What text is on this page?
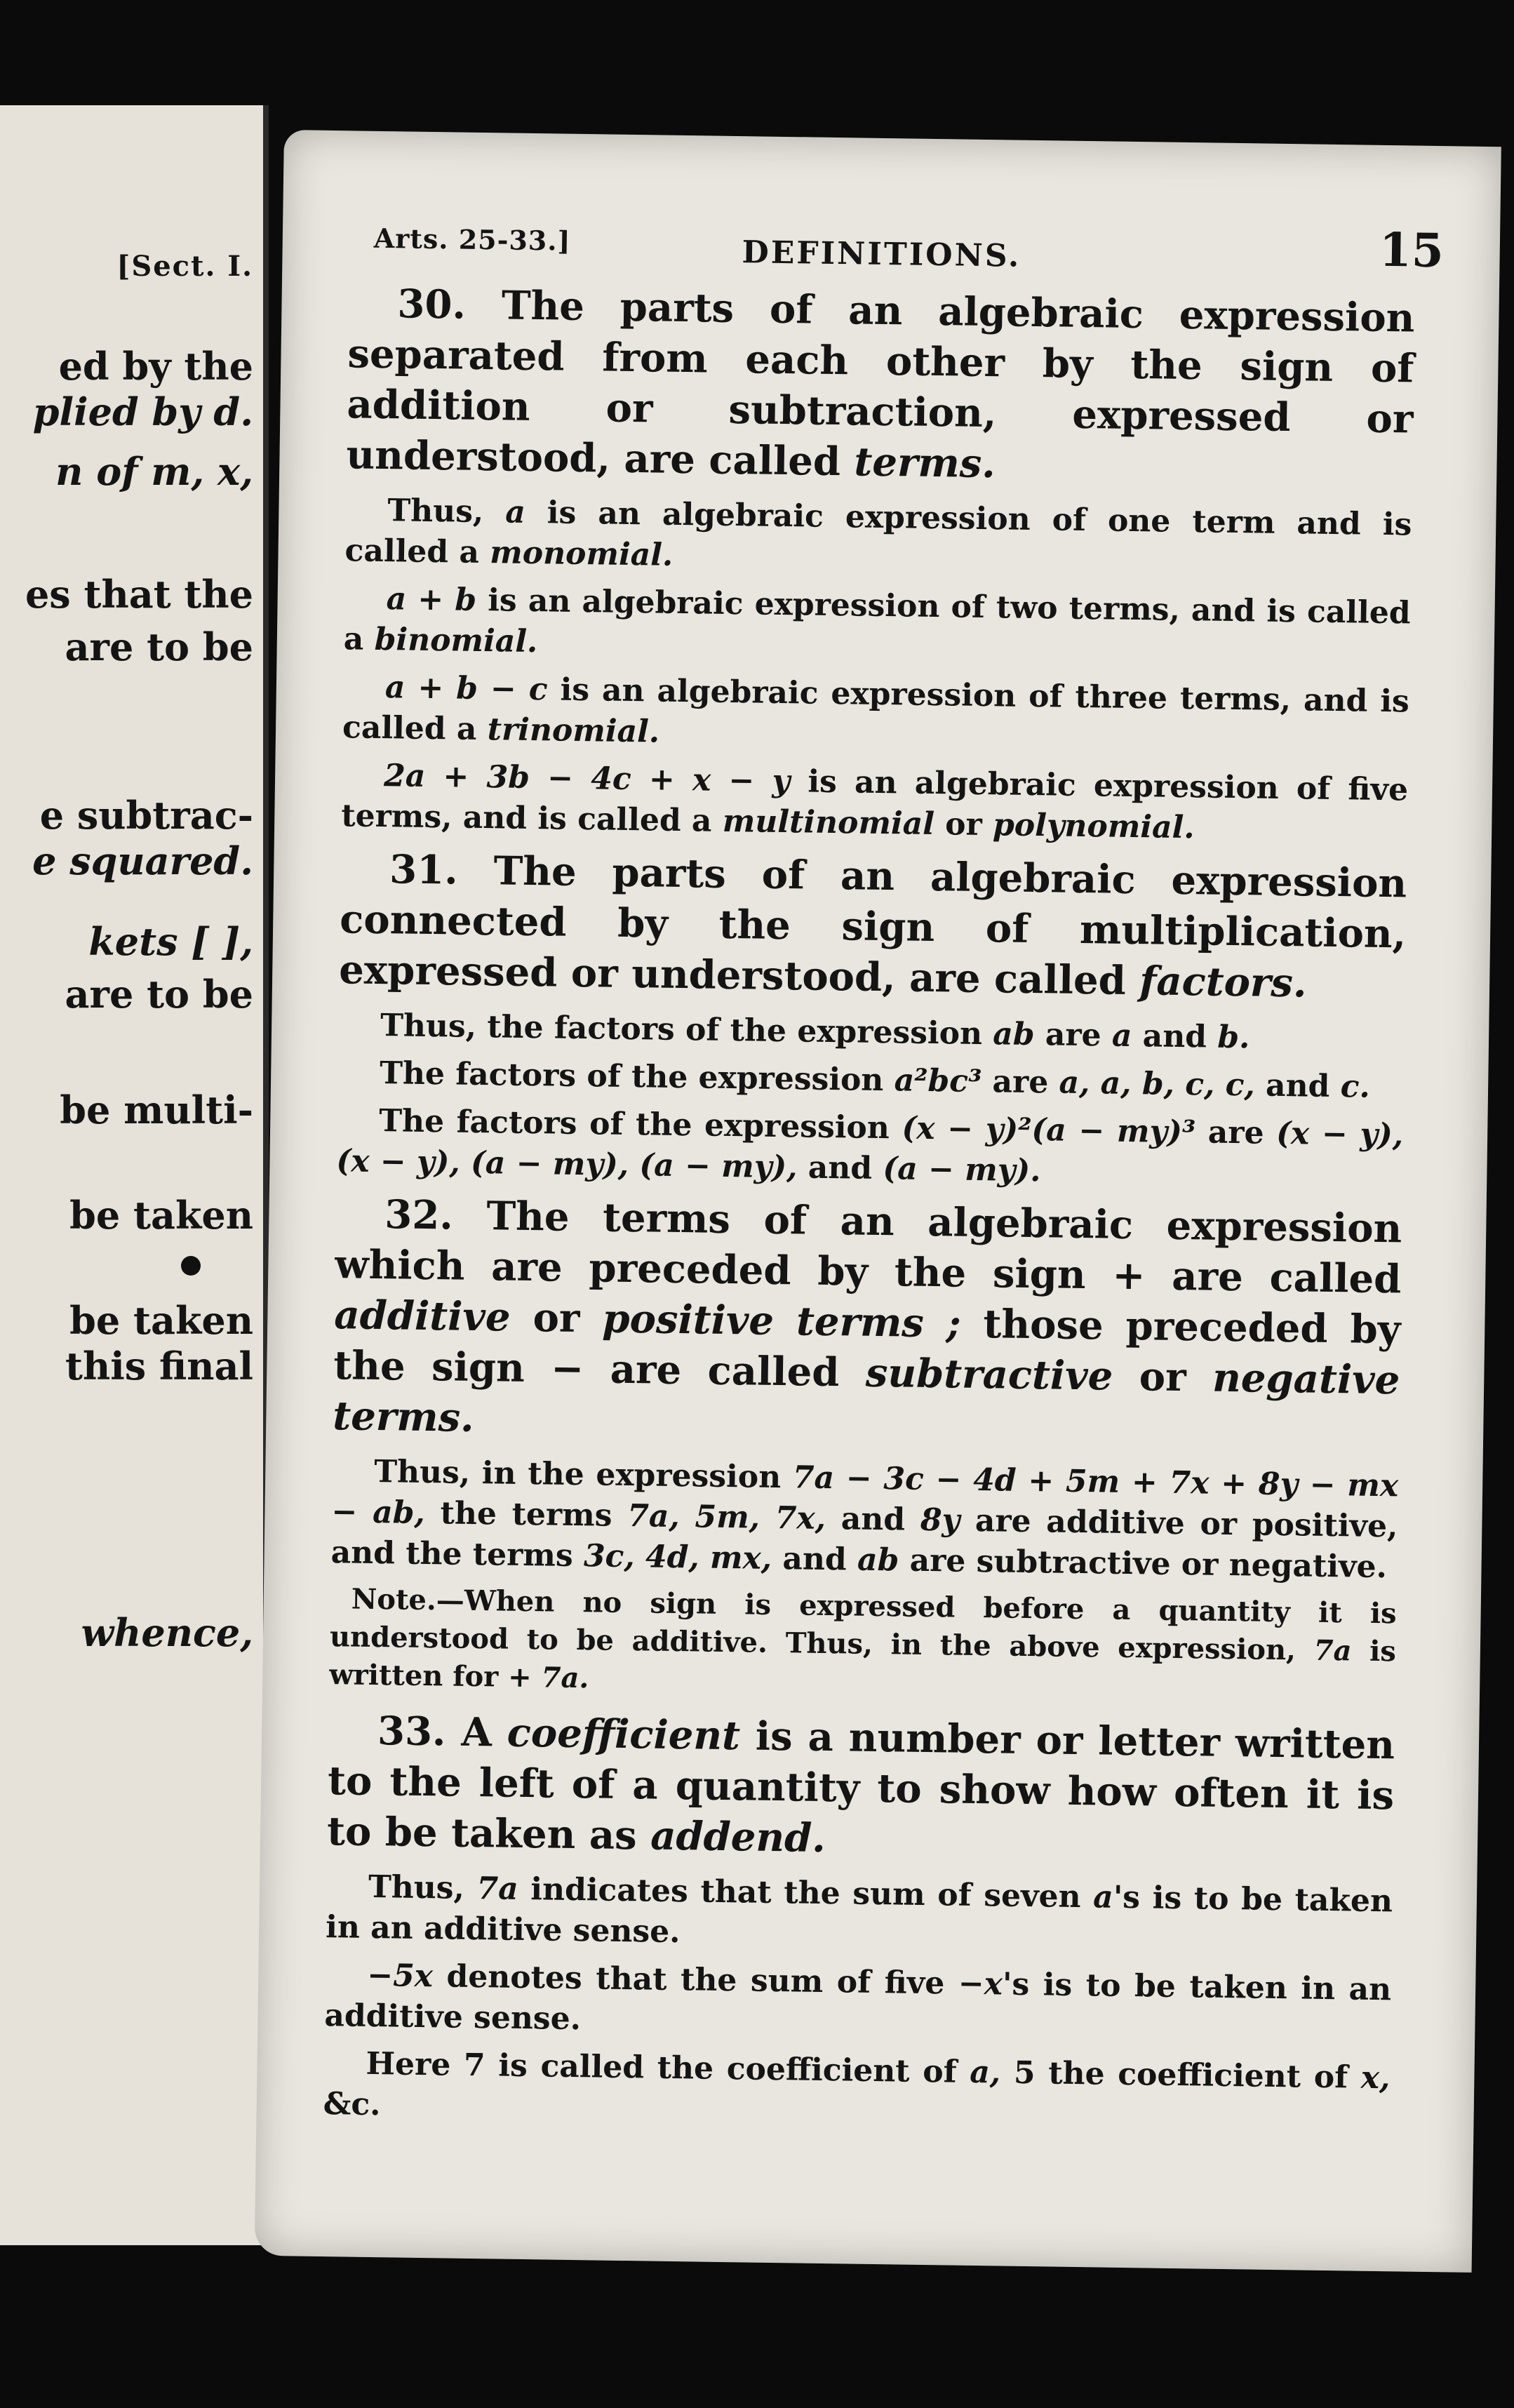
[Sect. I.
ed by the
plied by d.
n of m, x,
es that the
are to be
e subtrac-
e squared.
kets [ ],
are to be
be multi-
be taken
be taken
this final
whence,
Arts. 25-33.]	DEFINITIONS.	15

30. The parts of an algebraic expression separated from each other by the sign of addition or subtraction, expressed or understood, are called terms.

Thus, a is an algebraic expression of one term and is called a monomial.

a + b is an algebraic expression of two terms, and is called a binomial.

a + b − c is an algebraic expression of three terms, and is called a trinomial.

2a + 3b − 4c + x − y is an algebraic expression of five terms, and is called a multinomial or polynomial.

31. The parts of an algebraic expression connected by the sign of multiplication, expressed or understood, are called factors.

Thus, the factors of the expression ab are a and b.

The factors of the expression a²bc³ are a, a, b, c, c, and c.

The factors of the expression (x − y)²(a − my)³ are (x − y), (x − y), (a − my), (a − my), and (a − my).

32. The terms of an algebraic expression which are preceded by the sign + are called additive or positive terms ; those preceded by the sign − are called subtractive or negative terms.

Thus, in the expression 7a − 3c − 4d + 5m + 7x + 8y − mx − ab, the terms 7a, 5m, 7x, and 8y are additive or positive, and the terms 3c, 4d, mx, and ab are subtractive or negative.

Note.—When no sign is expressed before a quantity it is understood to be additive. Thus, in the above expression, 7a is written for + 7a.

33. A coefficient is a number or letter written to the left of a quantity to show how often it is to be taken as addend.

Thus, 7a indicates that the sum of seven a's is to be taken in an additive sense.

−5x denotes that the sum of five −x's is to be taken in an additive sense.

Here 7 is called the coefficient of a, 5 the coefficient of x, &c.
